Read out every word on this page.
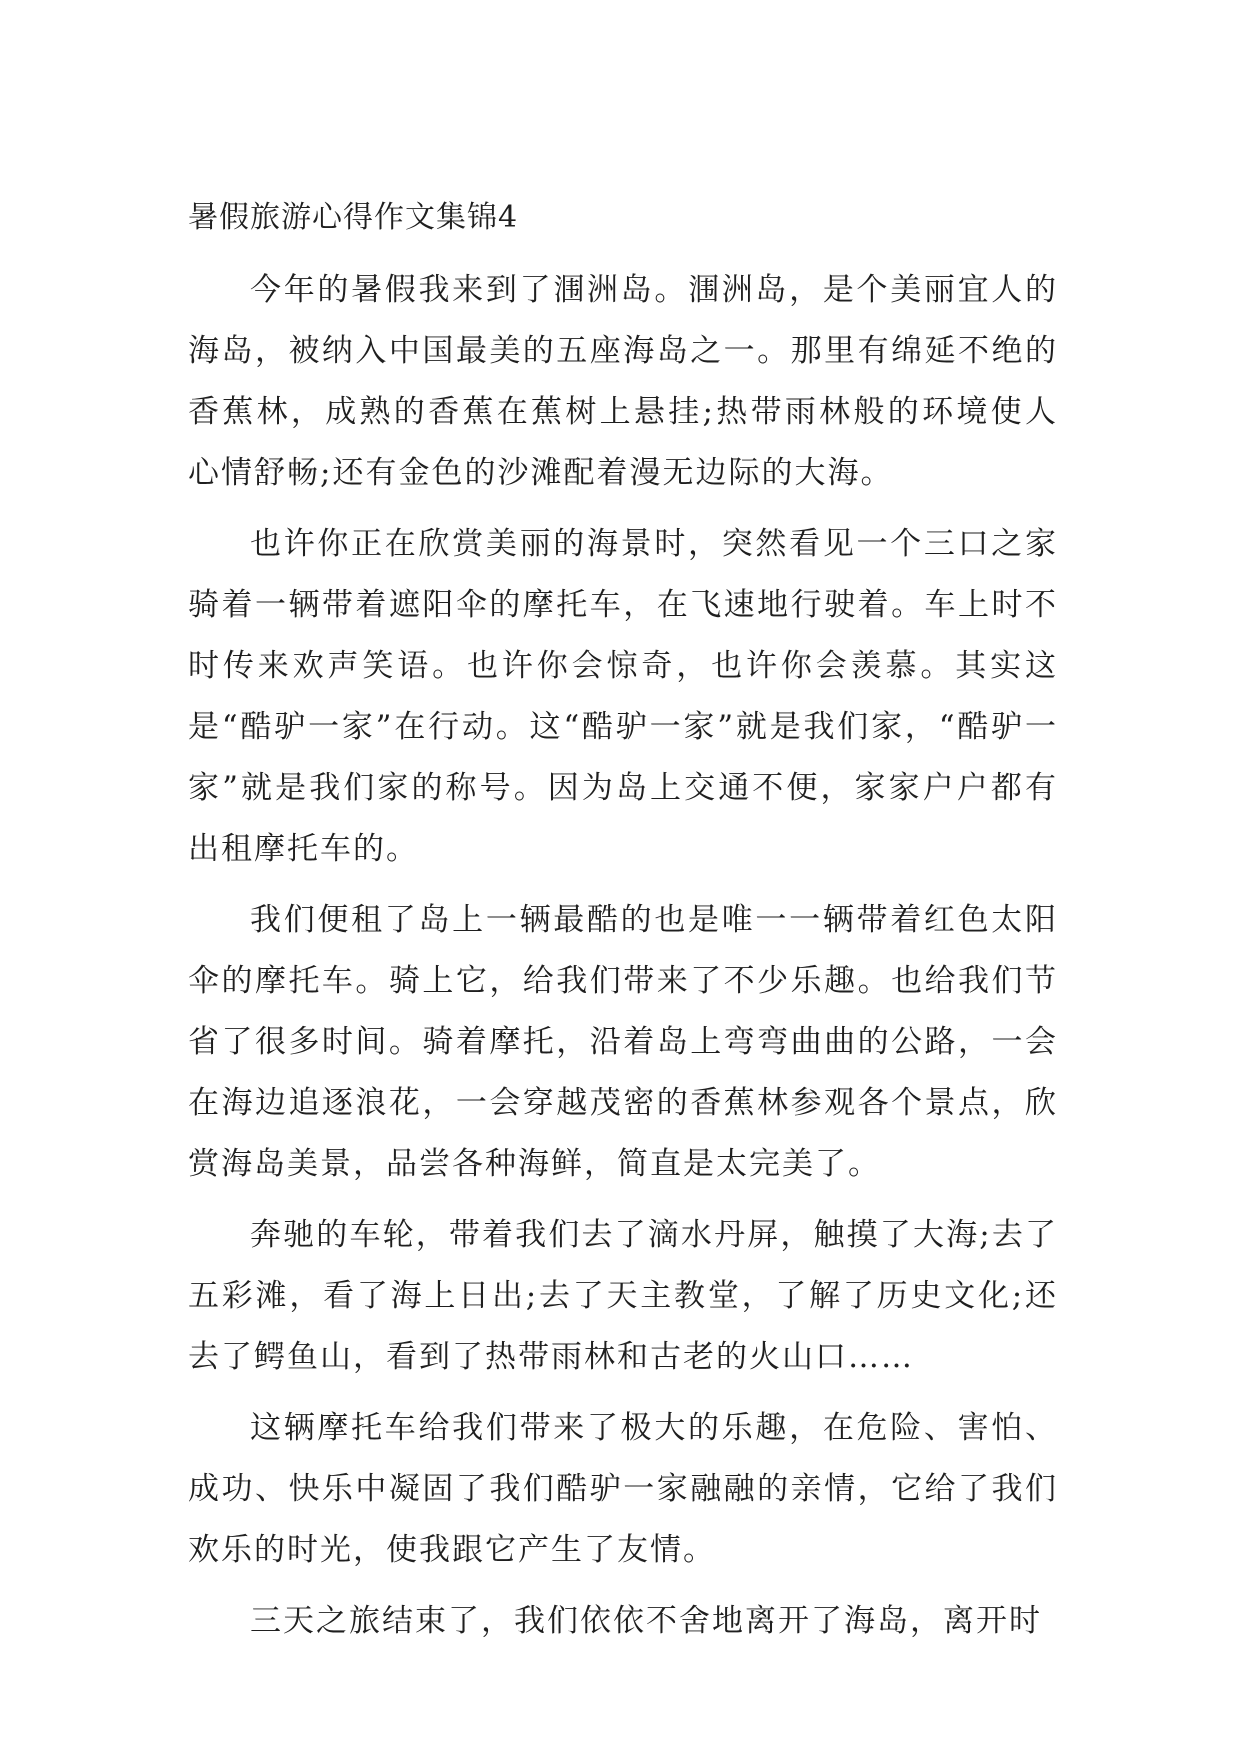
暑假旅游心得作文集锦4

今年的暑假我来到了涠洲岛。涠洲岛，是个美丽宜人的海岛，被纳入中国最美的五座海岛之一。那里有绵延不绝的香蕉林，成熟的香蕉在蕉树上悬挂;热带雨林般的环境使人心情舒畅;还有金色的沙滩配着漫无边际的大海。

也许你正在欣赏美丽的海景时，突然看见一个三口之家骑着一辆带着遮阳伞的摩托车，在飞速地行驶着。车上时不时传来欢声笑语。也许你会惊奇，也许你会羡慕。其实这是“酷驴一家”在行动。这“酷驴一家”就是我们家，“酷驴一家”就是我们家的称号。因为岛上交通不便，家家户户都有出租摩托车的。

我们便租了岛上一辆最酷的也是唯一一辆带着红色太阳伞的摩托车。骑上它，给我们带来了不少乐趣。也给我们节省了很多时间。骑着摩托，沿着岛上弯弯曲曲的公路，一会在海边追逐浪花，一会穿越茂密的香蕉林参观各个景点，欣赏海岛美景，品尝各种海鲜，简直是太完美了。

奔驰的车轮，带着我们去了滴水丹屏，触摸了大海;去了五彩滩，看了海上日出;去了天主教堂，了解了历史文化;还去了鳄鱼山，看到了热带雨林和古老的火山口……

这辆摩托车给我们带来了极大的乐趣，在危险、害怕、成功、快乐中凝固了我们酷驴一家融融的亲情，它给了我们欢乐的时光，使我跟它产生了友情。

三天之旅结束了，我们依依不舍地离开了海岛，离开时
